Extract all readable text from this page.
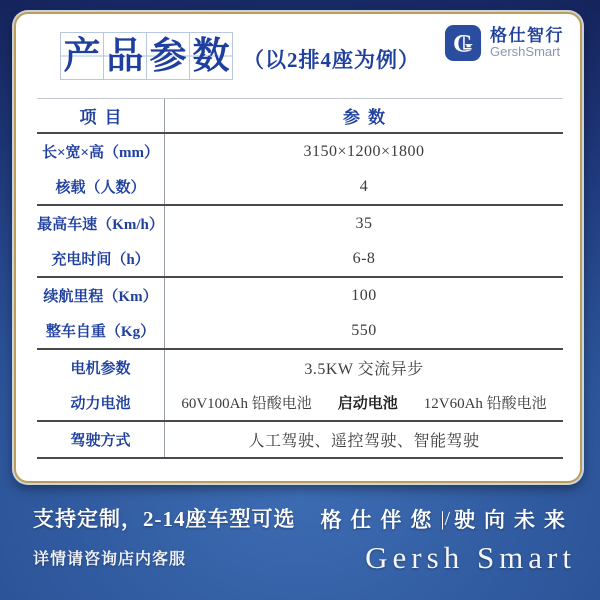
产 品 参 数 （以2排4座为例）
G 格仕智行
GershSmart
项目	参数
长×宽×高（mm）	3150×1200×1800
核载（人数）	4
最高车速（Km/h）	35
充电时间（h）	6-8
续航里程（Km）	100
整车自重（Kg）	550
电机参数	3.5KW 交流异步
动力电池	60V100Ah 铅酸电池 启动电池 12V60Ah 铅酸电池
驾驶方式	人工驾驶、遥控驾驶、智能驾驶
支持定制，2-14座车型可选
详情请咨询店内客服
格仕伴您 |/ 驶向未来
Gersh Smart
